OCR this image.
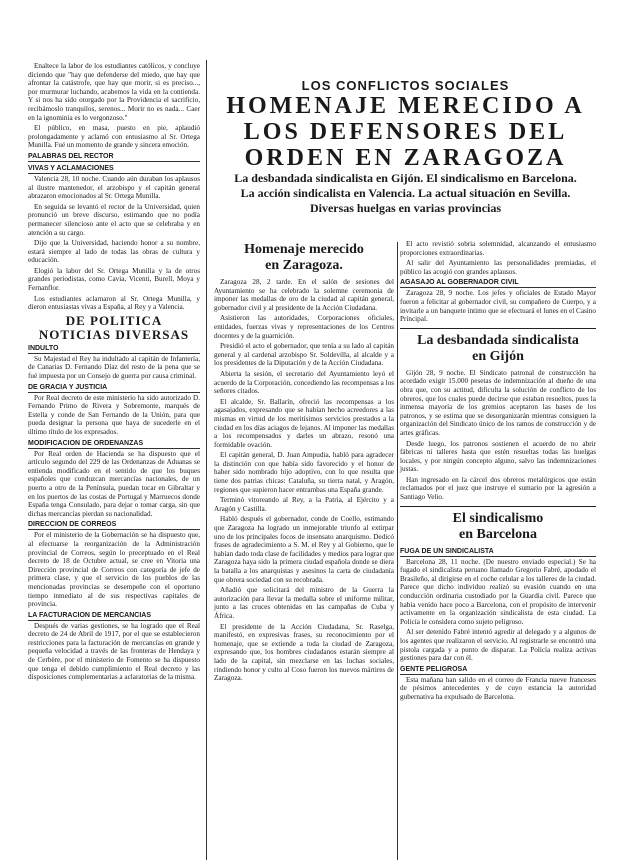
Enaltece la labor de los estudiantes católicos, y concluye diciendo que "hay que defenderse del miedo, que hay que afrontar la catástrofe, que hay que morir, si es preciso..., por murmurar luchando, acabemos la vida en la contienda. Y si nos ha sido otorgado por la Providencia el sacrificio, recibámoslo tranquilos, serenos... Morir no es nada... Caer en la ignominia es lo vergonzoso."

El público, en masa, puesto en pie, aplaudió prolongadamente y aclamó con entusiasmo al Sr. Ortega Munilla. Fué un momento de grande y sincera emoción.

PALABRAS DEL RECTOR
VIVAS Y ACLAMACIONES

Valencia 28, 10 noche. Cuando aún duraban los aplausos al ilustre mantenedor, el arzobispo y el capitán general abrazaron emocionados al Sr. Ortega Munilla.

En seguida se levantó el rector de la Universidad, quien pronunció un breve discurso, estimando que no podía permanecer silencioso ante el acto que se celebraba y en atención a su cargo.

Dijo que la Universidad, haciendo honor a su nombre, estará siempre al lado de todas las obras de cultura y educación.

Elogió la labor del Sr. Ortega Munilla y la de otros grandes periodistas, como Cavia, Vicenti, Burell, Moya y Fernanflor.

Los estudiantes aclamaron al Sr. Ortega Munilla, y dieron entusiastas vivas a España, al Rey y a Valencia.

DE POLITICA
NOTICIAS DIVERSAS
INDULTO

Su Majestad el Rey ha indultado al capitán de Infantería, de Canarias D. Fernando Díaz del resto de la pena que se fué impuesta por un Consejo de guerra por causa criminal.

DE GRACIA Y JUSTICIA

Por Real decreto de este ministerio ha sido autorizado D. Fernando Primo de Rivera y Sobremonte, marqués de Estella y conde de San Fernando de la Unión, para que pueda designar la persona que haya de sucederle en el último título de los expresados.

MODIFICACION DE ORDENANZAS

Por Real orden de Hacienda se ha dispuesto que el artículo segundo del 229 de las Ordenanzas de Aduanas se entienda modificado en el sentido de que los buques españoles que conduzcan mercancías nacionales, de un puerto a otro de la Península, puedan tocar en Gibraltar y en los puertos de las costas de Portugal y Marruecos donde España tenga Consulado, para dejar o tomar carga, sin que dichas mercancías pierdan su nacionalidad.

DIRECCION DE CORREOS

Por el ministerio de la Gobernación se ha dispuesto que, al efectuarse la reorganización de la Administración provincial de Correos, según lo preceptuado en el Real decreto de 18 de Octubre actual, se cree en Vitoria una Dirección provincial de Correos con categoría de jefe de primera clase, y que el servicio de los pueblos de las mencionadas provincias se desempeñe con el oportuno tiempo inmediato al de sus respectivas capitales de provincia.

LA FACTURACION DE MERCANCIAS

Después de varias gestiones, se ha logrado que el Real decreto de 24 de Abril de 1917, por el que se establecieron restricciones para la facturación de mercancías en grande y pequeña velocidad a través de las fronteras de Hendaya y de Cerbère, por el ministerio de Fomento se ha dispuesto que tenga el debido cumplimiento el Real decreto y las disposiciones complementarias a aclaratorias de la misma.

LOS CONFLICTOS SOCIALES
HOMENAJE MERECIDO A LOS DEFENSORES DEL ORDEN EN ZARAGOZA
La desbandada sindicalista en Gijón. El sindicalismo en Barcelona.
La acción sindicalista en Valencia. La actual situación en Sevilla.
Diversas huelgas en varias provincias
Homenaje merecido
en Zaragoza.

Zaragoza 28, 2 tarde. En el salón de sesiones del Ayuntamiento se ha celebrado la solemne ceremonia de imponer las medallas de oro de la ciudad al capitán general, gobernador civil y al presidente de la Acción Ciudadana.

Asistieron las autoridades, Corporaciones oficiales, entidades, fuerzas vivas y representaciones de los Centros docentes y de la guarnición.

Presidió el acto el gobernador, que tenía a su lado al capitán general y al cardenal arzobispo Sr. Soldevilla, al alcalde y a los presidentes de la Diputación y de la Acción Ciudadana.

Abierta la sesión, el secretario del Ayuntamiento leyó el acuerdo de la Corporación, concediendo las recompensas a los señores citados.

El alcalde, Sr. Ballarín, ofreció las recompensas a los agasajados, expresando que se habían hecho acreedores a las mismas en virtud de los meritísimos servicios prestados a la ciudad en los días aciagos de lejanos. Al imponer las medallas a los recompensados y darles un abrazo, resonó una formidable ovación.

El capitán general, D. Juan Ampudia, habló para agradecer la distinción con que había sido favorecido y el honor de haber sido nombrado hijo adoptivo, con lo que resulta que tiene dos patrias chicas: Cataluña, su tierra natal, y Aragón, regiones que supieron hacer entrambas una España grande.

Terminó vitoreando al Rey, a la Patria, al Ejército y a Aragón y Castilla.

Habló después el gobernador, conde de Coello, estimando que Zaragoza ha logrado un inmejorable triunfo al extirpar uno de los principales focos de insensato anarquismo. Dedicó frases de agradecimiento a S. M. el Rey y al Gobierno, que le habían dado toda clase de facilidades y medios para lograr que Zaragoza haya sido la primera ciudad española donde se diera la batalla a los anarquistas y asesinos la carta de ciudadanía que obrera sociedad con su recobrada.

Añadió que solicitará del ministro de la Guerra la autorización para llevar la medalla sobre el uniforme militar, junto a las cruces obtenidas en las campañas de Cuba y África.

El presidente de la Acción Ciudadana, Sr. Raselga, manifestó, en expresivas frases, su reconocimiento por el homenaje, que se extiende a toda la ciudad de Zaragoza, expresando que, los hombres ciudadanos estarán siempre al lado de la capital, sin mezclarse en las luchas sociales, rindiendo honor y culto al Coso fueron los nuevos mártires de Zaragoza.

El acto revistió sobria solemnidad, alcanzando el entusiasmo proporciones extraordinarias.

Al salir del Ayuntamiento las personalidades premiadas, el público las acogió con grandes aplausos.

AGASAJO AL GOBERNADOR CIVIL

Zaragoza 28, 9 noche. Los jefes y oficiales de Estado Mayor fueron a felicitar al gobernador civil, su compañero de Cuerpo, y a invitarle a un banquete íntimo que se efectuará el lunes en el Casino Principal.

La desbandada sindicalista
en Gijón

Gijón 28, 9 noche. El Sindicato patronal de construcción ha acordado exigir 15.000 pesetas de indemnización al dueño de una obra que, con su actitud, dificulta la solución de conflicto de los obreros, que los cuales puede decirse que estaban resueltos, pues la inmensa mayoría de los gremios aceptaron las bases de los patronos, y se estima que se desorganizarán mientras consiguen la organización del Sindicato único de los ramos de construcción y de artes gráficas.

Desde luego, los patronos sostienen el acuerdo de no abrir fábricas ni talleres hasta que estén resueltas todas las huelgas locales, y por ningún concepto alguno, salvo las indemnizaciones justas.

Han ingresado en la cárcel dos obreros metalúrgicos que están reclamados por el juez que instruye el sumario por la agresión a Santiago Velio.

El sindicalismo
en Barcelona
FUGA DE UN SINDICALISTA

Barcelona 28, 11 noche. (De nuestro enviado especial.) Se ha fugado el sindicalista peruano llamado Gregorio Fabré, apodado el Brasileño, al dirigirse en el coche celular a los talleres de la ciudad. Parece que dicho individuo realizó su evasión cuando en una conducción ordinaria custodiado por la Guardia civil. Parece que había venido hace poco a Barcelona, con el propósito de intervenir activamente en la organización sindicalista de esta ciudad. La Policía le considera como sujeto peligroso.

Al ser detenido Fabré intentó agredir al delegado y a algunos de los agentes que realizaron el servicio. Al registrarle se encontró una pistola cargada y a punto de disparar. La Policía realiza activas gestiones para dar con él.

GENTE PELIGROSA

Esta mañana han salido en el correo de Francia nueve franceses de pésimos antecedentes y de cuyo estancia la autoridad gubernativa ha expulsado de Barcelona.
